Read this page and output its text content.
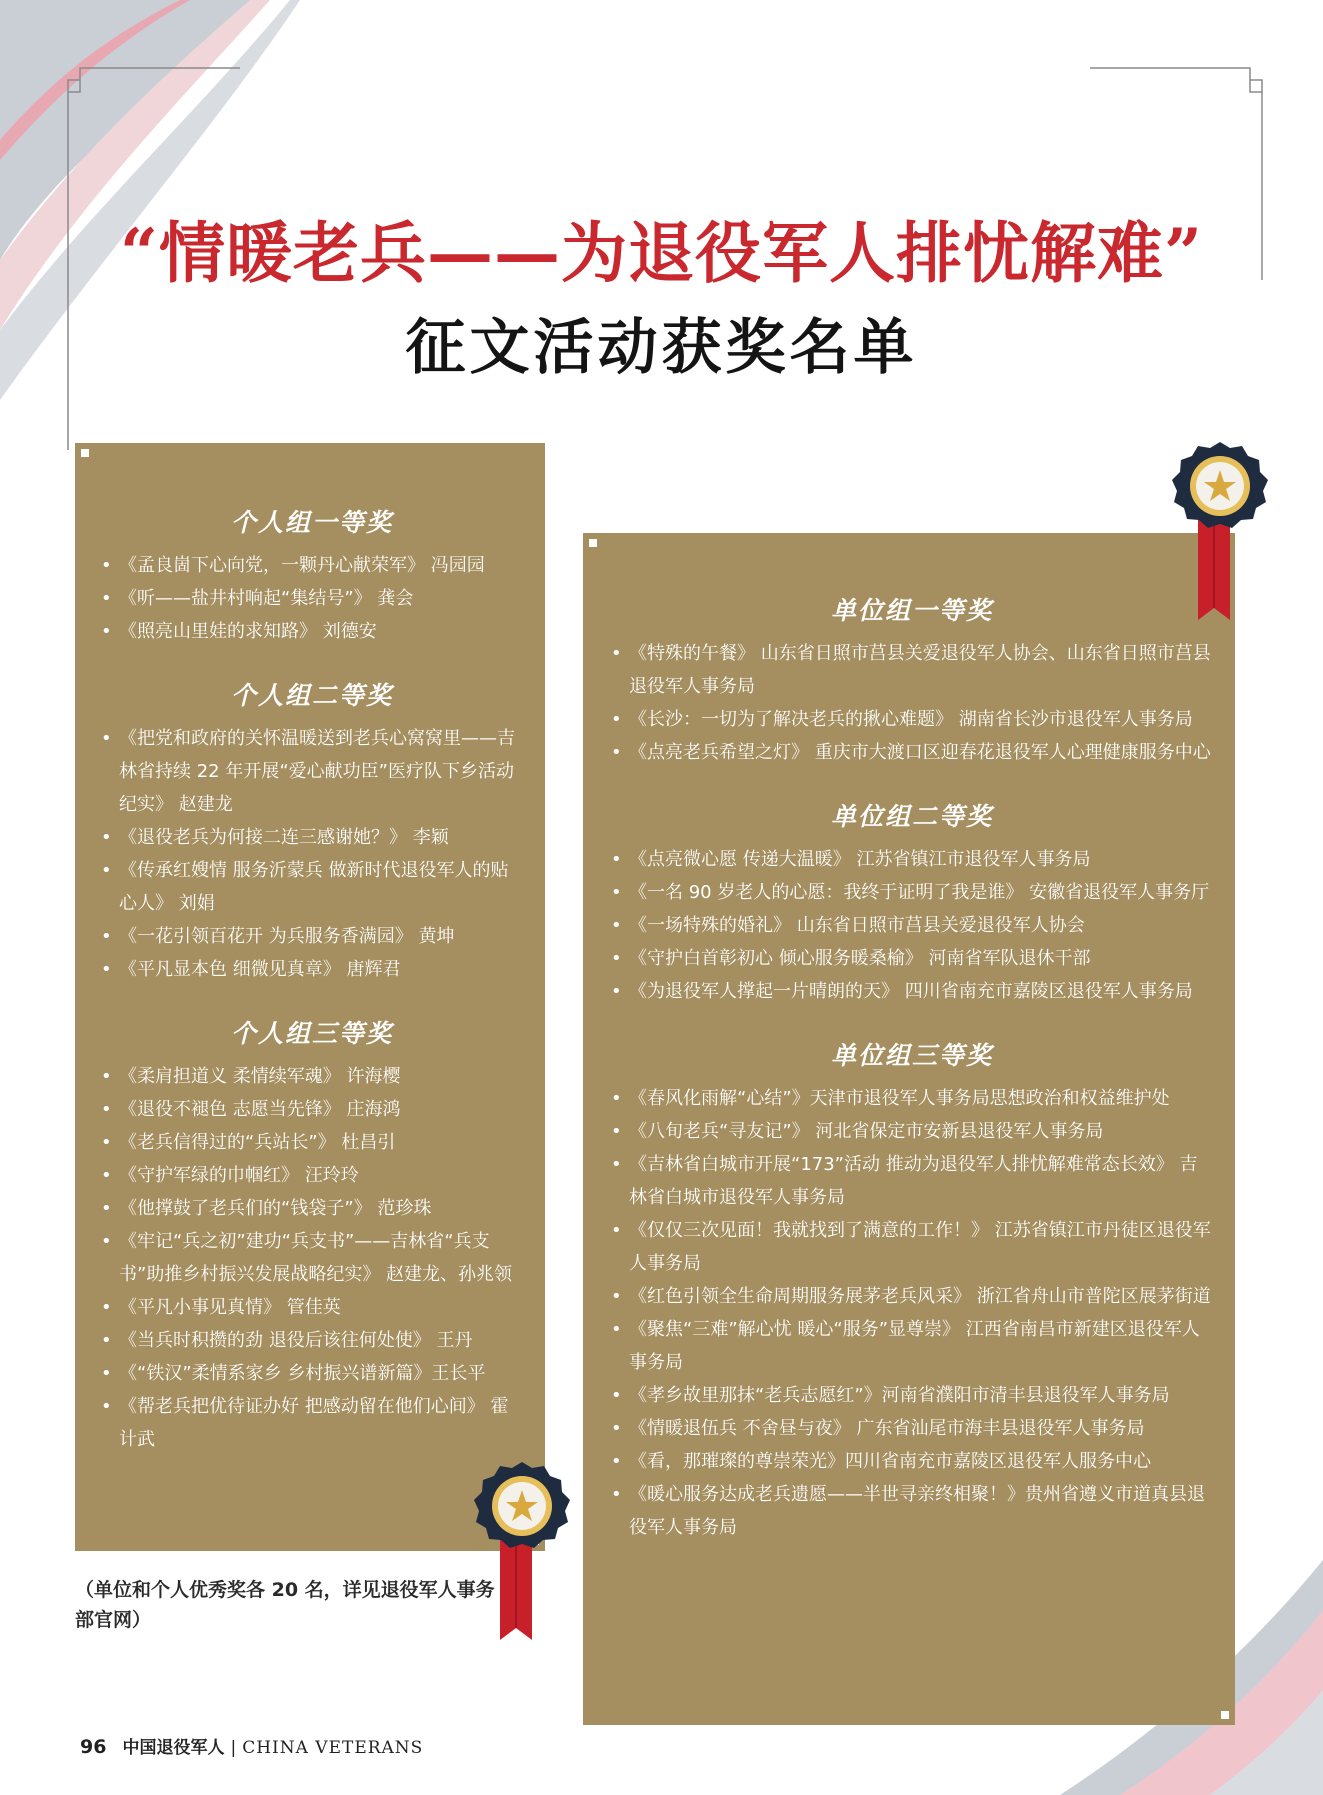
“情暖老兵——为退役军人排忧解难”
征文活动获奖名单
个人组一等奖
• 《孟良崮下心向党，一颗丹心献荣军》 冯园园
• 《听——盐井村响起“集结号”》 龚会
• 《照亮山里娃的求知路》 刘德安
个人组二等奖
• 《把党和政府的关怀温暖送到老兵心窝窝里——吉林省持续 22 年开展“爱心献功臣”医疗队下乡活动纪实》 赵建龙
• 《退役老兵为何接二连三感谢她？》 李颖
• 《传承红嫂情 服务沂蒙兵 做新时代退役军人的贴心人》 刘娟
• 《一花引领百花开 为兵服务香满园》 黄坤
• 《平凡显本色 细微见真章》 唐辉君
个人组三等奖
• 《柔肩担道义 柔情续军魂》 许海樱
• 《退役不褪色 志愿当先锋》 庄海鸿
• 《老兵信得过的“兵站长”》 杜昌引
• 《守护军绿的巾帼红》 汪玲玲
• 《他撑鼓了老兵们的“钱袋子”》 范珍珠
• 《牢记“兵之初”建功“兵支书”——吉林省“兵支书”助推乡村振兴发展战略纪实》 赵建龙、孙兆领
• 《平凡小事见真情》 管佳英
• 《当兵时积攒的劲 退役后该往何处使》 王丹
• 《“铁汉”柔情系家乡 乡村振兴谱新篇》王长平
• 《帮老兵把优待证办好 把感动留在他们心间》 霍计武
单位组一等奖
• 《特殊的午餐》 山东省日照市莒县关爱退役军人协会、山东省日照市莒县退役军人事务局
• 《长沙：一切为了解决老兵的揪心难题》 湖南省长沙市退役军人事务局
• 《点亮老兵希望之灯》 重庆市大渡口区迎春花退役军人心理健康服务中心
单位组二等奖
• 《点亮微心愿 传递大温暖》 江苏省镇江市退役军人事务局
• 《一名 90 岁老人的心愿：我终于证明了我是谁》 安徽省退役军人事务厅
• 《一场特殊的婚礼》 山东省日照市莒县关爱退役军人协会
• 《守护白首彰初心 倾心服务暖桑榆》 河南省军队退休干部
• 《为退役军人撑起一片晴朗的天》 四川省南充市嘉陵区退役军人事务局
单位组三等奖
• 《春风化雨解“心结”》天津市退役军人事务局思想政治和权益维护处
• 《八旬老兵“寻友记”》 河北省保定市安新县退役军人事务局
• 《吉林省白城市开展“173”活动 推动为退役军人排忧解难常态长效》 吉林省白城市退役军人事务局
• 《仅仅三次见面！我就找到了满意的工作！》 江苏省镇江市丹徒区退役军人事务局
• 《红色引领全生命周期服务展茅老兵风采》 浙江省舟山市普陀区展茅街道
• 《聚焦“三难”解心忧 暖心“服务”显尊崇》 江西省南昌市新建区退役军人事务局
• 《孝乡故里那抹“老兵志愿红”》河南省濮阳市清丰县退役军人事务局
• 《情暖退伍兵 不舍昼与夜》 广东省汕尾市海丰县退役军人事务局
• 《看，那璀璨的尊崇荣光》四川省南充市嘉陵区退役军人服务中心
• 《暖心服务达成老兵遗愿——半世寻亲终相聚！》贵州省遵义市道真县退役军人事务局
（单位和个人优秀奖各 20 名，详见退役军人事务部官网）
96 中国退役军人 | CHINA VETERANS
